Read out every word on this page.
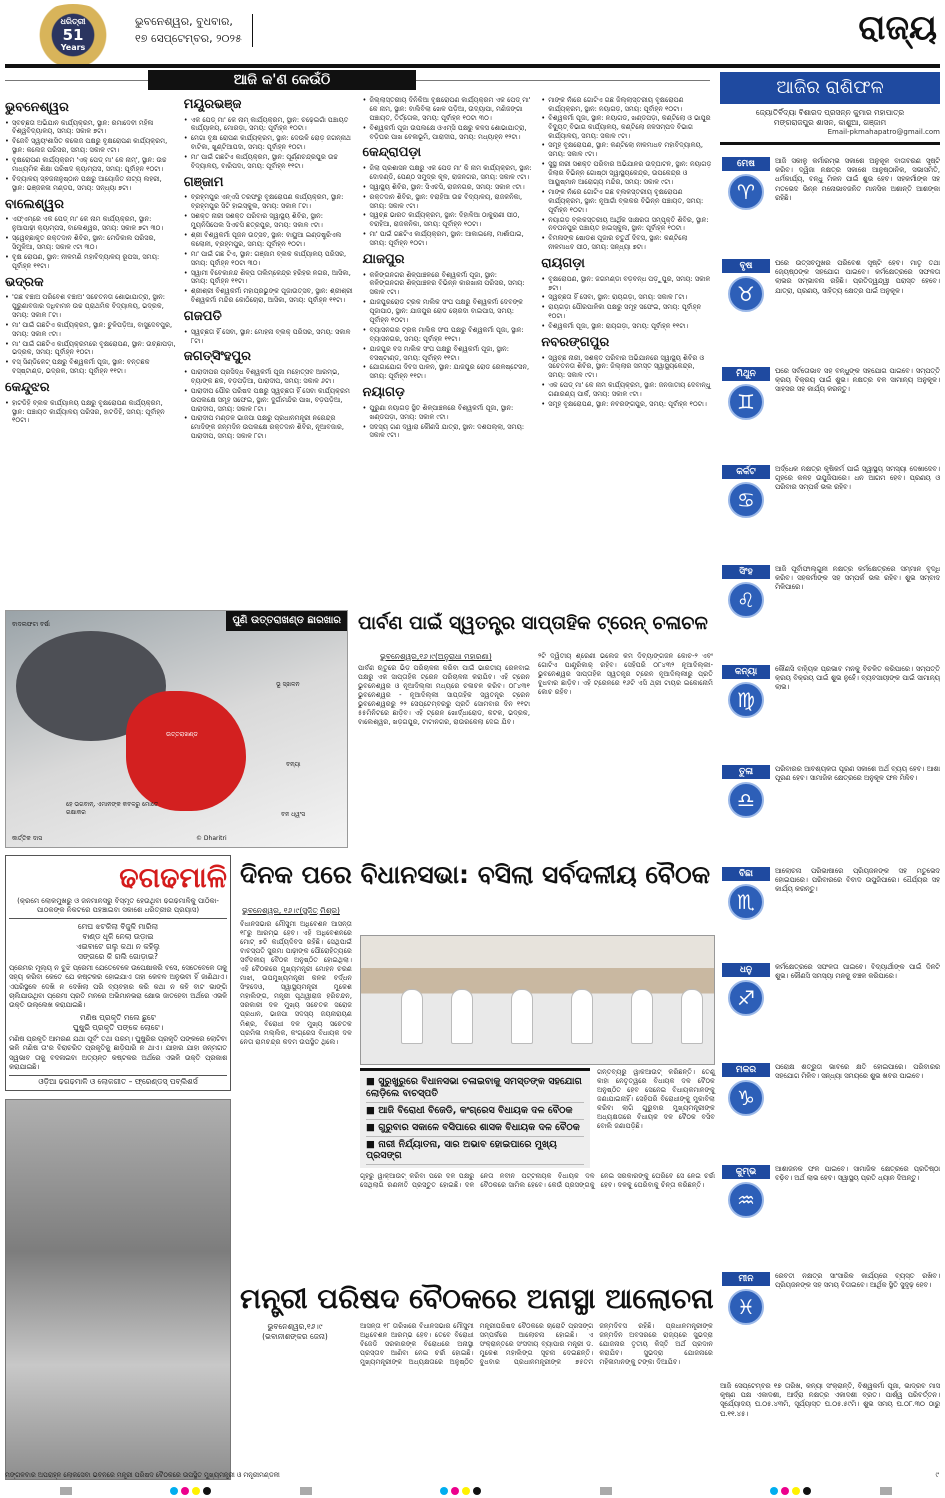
ଧରିତ୍ରୀ
51
Years
ଭୁବନେଶ୍ୱର, ବୁଧବାର,
୧୭ ସେପ୍ଟେମ୍ବର, ୨୦୨୫	ରାଜ୍ୟ
ଆଜି କ'ଣ କେଉଁଠି
ଭୁବନେଶ୍ୱର
• ସ୍ବଚ୍ଛତା ଅଭିଯାନ କାର୍ଯ୍ୟକ୍ରମ, ସ୍ଥାନ: ରମାଦେବୀ ମହିଳା ବିଶ୍ୱବିଦ୍ୟାଳୟ, ସମୟ: ସକାଳ ୭ଟା।
• ବିଜେବି ସ୍ୱୟଂଶାସିତ କଲେଜ ପକ୍ଷରୁ ବୃକ୍ଷରୋପଣ କାର୍ଯ୍ୟକ୍ରମ, ସ୍ଥାନ: କଲେଜ ପରିସର, ସମୟ: ସକାଳ ୯ଟା।
• ବୃକ୍ଷରୋପଣ କାର୍ଯ୍ୟକ୍ରମ 'ଏକ୍ ପେଡ୍ ମା' କେ ନାମ୍', ସ୍ଥାନ: ଉଚ୍ଚ ମାଧ୍ୟମିକ ଶିକ୍ଷା ପରିଷଦ କ୍ୟାମ୍ପସ, ସମୟ: ପୂର୍ବାହ୍ନ ୧୦ଟା।
• ବିଦ୍ୟାଳୟ ସ୍ଵଜନାନୁଷ୍ଠାନ ପକ୍ଷରୁ ଆୟୋଜିତ ନାଟ୍ୟ ଲହରୀ, ସ୍ଥାନ: ଭଞ୍ଜକଳା ମଣ୍ଡପ, ସମୟ: ସନ୍ଧ୍ୟା ୭ଟା।
ବାଲେଶ୍ୱର
• ଏଫ୍‌ଏମ୍‌ରେ ଏକ ପେଡ୍ ମା' କେ ନାମ କାର୍ଯ୍ୟକ୍ରମ, ସ୍ଥାନ: ନୁଆପାଢ଼ୀ କ୍ୟାମ୍ପସ, ବାଲେଶ୍ୱର, ସମୟ: ସକାଳ ୭ଟା ୩୦।
• ସ୍ୱେଚ୍ଛାକୃତ ରକ୍ତଦାନ ଶିବିର, ସ୍ଥାନ: ମେଡିକାଲ ପରିସର, ସିମୁଳିଆ, ସମୟ: ସକାଳ ୯ଟା ୩୦।
• ବୃକ୍ଷ ରୋପଣ, ସ୍ଥାନ: ନୀଳମଣି ମହାବିଦ୍ୟାଳୟ ରୂପସା, ସମୟ: ପୂର୍ବାହ୍ନ ୧୧ଟା।
ଭଦ୍ରକ
• 'ଗଛ ବଞ୍ଚାଅ ପରିବେଶ ବଞ୍ଚାଅ' ସଚେତନତା ଶୋଭାଯାତ୍ରା, ସ୍ଥାନ: ପୁରୁଣାବଜାର ଦଧିବାମନ ଉଚ୍ଚ ପ୍ରାଥମିକ ବିଦ୍ୟାଳୟ, ଭଦ୍ରକ, ସମୟ: ସକାଳ ୮ଟା।
• ମା' ପାଇଁ ଗଛଟିଏ କାର୍ଯ୍ୟକ୍ରମ, ସ୍ଥାନ: ଚୁଳିପଡ଼ିଆ, ବାସୁଦେବପୁର, ସମୟ: ସକାଳ ୯ଟା।
• ମା' ପାଇଁ ଗଛଟିଏ କାର୍ଯ୍ୟକ୍ରମରେ ବୃକ୍ଷରୋପଣ, ସ୍ଥାନ: ଉଚ୍ଛାପଡ଼ା, ଭଦ୍ରକ, ସମୟ: ପୂର୍ବାହ୍ନ ୧୦ଟା।
• ବସ୍ ସିଣ୍ଡିକେଟ୍ ପକ୍ଷରୁ ବିଶ୍ୱକର୍ମା ପୂଜା, ସ୍ଥାନ: ବନ୍ତଛକ ବସ୍‌ଷ୍ଟାଣ୍ଡ, ଭଦ୍ରକ, ସମୟ: ପୂର୍ବାହ୍ନ ୧୧ଟା।
କେନ୍ଦୁଝର
• ହାଟଡିହି ବ୍ଲକ କାର୍ଯ୍ୟାଳୟ ପକ୍ଷରୁ ବୃକ୍ଷରୋପଣ କାର୍ଯ୍ୟକ୍ରମ, ସ୍ଥାନ: ପଞ୍ଚାୟତ କାର୍ଯ୍ୟାଳୟ ପରିସର, ହାଟଡିହି, ସମୟ: ପୂର୍ବାହ୍ନ ୧୦ଟା।
ମୟୂରଭଞ୍ଜ
• ଏକ ପେଡ୍ ମା' କେ ନାମ୍ କାର୍ଯ୍ୟକ୍ରମ, ସ୍ଥାନ: ଚଢ଼େଇଗାଁ ପଞ୍ଚାୟତ କାର୍ଯ୍ୟାଳୟ, ମୋରଡ଼ା, ସମୟ: ପୂର୍ବାହ୍ନ ୧୦ଟା।
• ମେଗା ବୃକ୍ଷ ରୋପଣ କାର୍ଯ୍ୟକ୍ରମ, ସ୍ଥାନ: ଦେଉଳି ରୋଡ଼ ଜଗନ୍ନାଥ ବାଟିକା, ଖୁଣ୍ଟିଆପଦା, ସମୟ: ପୂର୍ବାହ୍ନ ୧୦ଟା।
• ମା' ପାଇଁ ଗଛଟିଏ କାର୍ଯ୍ୟକ୍ରମ, ସ୍ଥାନ: ପୂର୍ଣ୍ଣଚନ୍ଦ୍ରପୁର ଉଚ୍ଚ ବିଦ୍ୟାଳୟ, ବାରିପଦା, ସମୟ: ପୂର୍ବାହ୍ନ ୧୧ଟା।
ଗଞ୍ଜାମ
• ବ୍ରହ୍ମପୁର ଏନ୍‌ଏସି ତରଫରୁ ବୃକ୍ଷରୋପଣ କାର୍ଯ୍ୟକ୍ରମ, ସ୍ଥାନ: ବ୍ରହ୍ମପୁର ସିଟି ହାଇସ୍କୁଲ, ସମୟ: ସକାଳ ୮ଟା।
• ସଶକ୍ତ ନାରୀ ସଶକ୍ତ ପରିବାର ସ୍ୱାସ୍ଥ୍ୟ ଶିବିର, ସ୍ଥାନ: ମ୍ୟୁନିସିପେଲ ସିଏଚସି ଛତ୍ରପୁର, ସମୟ: ସକାଳ ୯ଟା।
• ଶ୍ରୀ ବିଶ୍ୱକର୍ମା ପୂଜନ ଉତ୍ସବ, ସ୍ଥାନ: ବାୟୁଆ ଇଣ୍ଡଷ୍ଟ୍ରିଏଲ କଲୋନୀ, ବ୍ରହ୍ମପୁର, ସମୟ: ପୂର୍ବାହ୍ନ ୧୦ଟା।
• ମା' ପାଇଁ ଗଛ ଟିଏ, ସ୍ଥାନ: ଗଞ୍ଜାମ ବ୍ଲକ କାର୍ଯ୍ୟାଳୟ ପରିସର, ସମୟ: ପୂର୍ବାହ୍ନ ୧୦ଟା ୩୦।
• ସ୍ୱାମୀ ବିବେକାନନ୍ଦ ଶିଳ୍ପ ତାଲିମ୍‌କେନ୍ଦ୍ର ହରିହର ନଗର, ଆସିକା, ସମୟ: ପୂର୍ବାହ୍ନ ୧୧ଟା।
• ଶ୍ରୀଶ୍ରୀ ବିଶ୍ୱକର୍ମା ମହାପ୍ରଭୁଙ୍କ ପୂଜାଉତ୍ସବ, ସ୍ଥାନ: ଶ୍ରୀଶ୍ରୀ ବିଶ୍ୱକର୍ମା ମନ୍ଦିର କୋଠିଚୋରା, ଆସିକା, ସମୟ: ପୂର୍ବାହ୍ନ ୧୧ଟା।
ଗଜପତି
• ସ୍ୱଚ୍ଛତା ହିଁ ସେବା, ସ୍ଥାନ: ମୋହନା ବ୍ଲକ୍ ପରିସର, ସମୟ: ସକାଳ ୮ଟା।
ଜଗତ୍‌ସିଂହପୁର
• ପାରାଦୀପର ପ୍ରସିଦ୍ଧ ବିଶ୍ୱକର୍ମା ପୂଜା ମହୋତ୍ସବ ଆରମ୍ଭ, ବ୍ୟାଙ୍କ ଛକ, ବଡ଼ପଡ଼ିଆ, ପାରାଦୀପ, ସମୟ: ସକାଳ ୬ଟା।
• ପାରାଦୀପ ପୌର ପରିଷଦ ପକ୍ଷରୁ ସ୍ୱଚ୍ଛତା ହିଁ ସେବା କାର୍ଯ୍ୟକ୍ରମ ଉପଲକ୍ଷେ ସମୂହ ସଫେଇ, ସ୍ଥାନ: ଦୁର୍ଗାମନ୍ଦିର ପାଖ, ବଡ଼ପଡ଼ିଆ, ପାରାଦୀପ, ସମୟ: ସକାଳ ୮ଟା।
• ପାରାଦୀପ ମଣ୍ଡଳ ଭାଜପା ପକ୍ଷରୁ ପ୍ରଧାନମନ୍ତ୍ରୀ ନରେନ୍ଦ୍ର ମୋଦିଙ୍କ ଜନ୍ମଦିନ ଉପଲକ୍ଷେ ରକ୍ତଦାନ ଶିବିର, ନୂଆବଜାର, ପାରାଦୀପ, ସମୟ: ସକାଳ ୮ଟା।
• ଜିଲ୍ଲାସ୍ତରୀୟ ଦିନିକିଆ ବୃକ୍ଷରୋପଣ କାର୍ଯ୍ୟକ୍ରମ ଏକ ପେଡ୍ ମା' କେ ନାମ, ସ୍ଥାନ: ବାଲିବିଲା ଖେଳ ପଡ଼ିଆ, ଉଦ୍ୟାପା, ମଣିଜଙ୍ଗା ପଞ୍ଚାୟତ, ତିର୍ତ୍ତୋଲ, ସମୟ: ପୂର୍ବାହ୍ନ ୧୦ଟା ୩୦।
• ବିଶ୍ୱକର୍ମା ପୂଜା ଉପଲକ୍ଷେ ଓଏମ୍ସି ପକ୍ଷରୁ କଳସ ଶୋଭାଯାତ୍ରା, ବଡ଼ିଘର ପାଖ ବେଳାଭୂମି, ପାରାଦୀପ, ସମୟ: ମଧ୍ୟାହ୍ନ ୧୨ଟା।
କେନ୍ଦ୍ରାପଡ଼ା
• ଜିଲା ପ୍ରଶାସନ ପକ୍ଷରୁ ଏକ ପେଡ ମା' କି ନାମ କାର୍ଯ୍ୟକ୍ରମ, ସ୍ଥାନ: ଦୋଦଣ୍ଡି, ପେଣ୍ଠ ସମୁଦ୍ର କୂଳ, ରାଜନଗର, ସମୟ: ସକାଳ ୯ଟା।
• ସ୍ୱାସ୍ଥ୍ୟ ଶିବିର, ସ୍ଥାନ: ସିଏଚସି, ରାଜନଗର, ସମୟ: ସକାଳ ୯ଟା।
• ରକ୍ତଦାନ ଶିବିର, ସ୍ଥାନ: ବରାହିଆ ଉଚ୍ଚ ବିଦ୍ୟାଳୟ, ରାଜକନିକା, ସମୟ: ସକାଳ ୯ଟା।
• ସ୍ୱଚ୍ଛ ଭାରତ କାର୍ଯ୍ୟକ୍ରମ, ସ୍ଥାନ: ଦିହାଳିଆ ଠାକୁରାଣୀ ପୀଠ, ବରାହିଆ, ରାଜକନିକା, ସମୟ: ପୂର୍ବାହ୍ନ ୧୦ଟା।
• ମା' ପାଇଁ ଗଛଟିଏ କାର୍ଯ୍ୟକ୍ରମ, ସ୍ଥାନ: ଆକାଇଲୋ, ମାର୍ଶାଘାଇ, ସମୟ: ପୂର୍ବାହ୍ନ ୧୦ଟା।
ଯାଜପୁର
• କଳିଙ୍ଗନଗର ଶିଳ୍ପାଞ୍ଚଳରେ ବିଶ୍ୱକର୍ମା ପୂଜା, ସ୍ଥାନ: କଳିଙ୍ଗନଗର ଶିଳ୍ପାଞ୍ଚଳର ବିଭିନ୍ନ କାରଖାନା ପରିସର, ସମୟ: ସକାଳ ୯ଟା।
• ଯାଜପୁରରୋଡ ଟ୍ରକ ମାଲିକ ସଂଘ ପକ୍ଷରୁ ବିଶ୍ୱକର୍ମା ଦେବଙ୍କ ପୂଜାପାଠ, ସ୍ଥାନ: ଯାଜପୁର ରୋଡ ଚୋରଦା ବାଇପାସ, ସମୟ: ପୂର୍ବାହ୍ନ ୧୦ଟା।
• ବ୍ୟାସନଗର ଟ୍ରକ ମାଲିକ ସଂଘ ପକ୍ଷରୁ ବିଶ୍ୱକର୍ମା ପୂଜା, ସ୍ଥାନ: ବ୍ୟାସନଗର, ସମୟ: ପୂର୍ବାହ୍ନ ୧୧ଟା।
• ଯାଜପୁର ବସ ମାଲିକ ସଂଘ ପକ୍ଷରୁ ବିଶ୍ୱକର୍ମା ପୂଜା, ସ୍ଥାନ: ବସଷ୍ଟାଣ୍ଡ, ସମୟ: ପୂର୍ବାହ୍ନ ୧୧ଟା।
• ଯୋଗାଯୋଗ ଦିବସ ପାଳନ, ସ୍ଥାନ: ଯାଜପୁର ରୋଡ ରେଳଷ୍ଟେସନ, ସମୟ: ପୂର୍ବାହ୍ନ ୧୧ଟା।
ନୟାଗଡ଼
• ପୁରୁଣା ନୟାଗଡ଼ ସ୍ଥିତ ଶିଳ୍ପାଞ୍ଚଳରେ ବିଶ୍ୱକର୍ମା ପୂଜା, ସ୍ଥାନ: ଖଣ୍ଡପଡ଼ା, ସମୟ: ସକାଳ ୯ଟା।
• ସଦସ୍ୟ ଗଣ ଦ୍ୱାରା କୌଣସି ଯାତ୍ରା, ସ୍ଥାନ: ଦଶପଲ୍ଲା, ସମୟ: ସକାଳ ୯ଟା।
• ମାଙ୍କ ନାଁରେ ଗୋଟିଏ ଗଛ ଜିଲ୍ଲାସ୍ତରୀୟ ବୃକ୍ଷରୋପଣ କାର୍ଯ୍ୟକ୍ରମ, ସ୍ଥାନ: ନୟାଗଡ଼, ସମୟ: ପୂର୍ବାହ୍ନ ୧୦ଟା।
• ବିଶ୍ୱକର୍ମା ପୂଜା, ସ୍ଥାନ: ନୟାଗଡ, ଖଣ୍ଡପଡ଼ା, କଣ୍ଟିଲୋ ଓ ଭାପୁର ବିଦ୍ୟୁତ୍ ବିଭାଗ କାର୍ଯ୍ୟାଳୟ, କଣ୍ଟିଲୋ ଜଳସମ୍ପଦ ବିଭାଗ କାର୍ଯ୍ୟାଳୟ, ସମୟ: ସକାଳ ୯ଟା।
• ସମୂହ ବୃକ୍ଷରୋପଣ, ସ୍ଥାନ: କଣ୍ଟିଲୋ ନୀଳମାଧବ ମହାବିଦ୍ୟାଳୟ, ସମୟ: ସକାଳ ୯ଟା।
• ସୁସ୍ଥ ନାରୀ ସଶକ୍ତ ପରିବାର ଅଭିଯାନର ଉଦ୍‌ଘାଟନ, ସ୍ଥାନ: ନୟାଗଡ଼ ଜିଲାର ବିଭିନ୍ନ ଗୋଷ୍ଠୀ ସ୍ୱାସ୍ଥ୍ୟକେନ୍ଦ୍ର, ଉପକେନ୍ଦ୍ର ଓ ଆୟୁଷ୍ମାନ ଆରୋଗ୍ୟ ମନ୍ଦିର, ସମୟ: ସକାଳ ୯ଟା।
• ମାଙ୍କ ନାଁରେ ଗୋଟିଏ ଗଛ ବ୍ଲକସ୍ତରୀୟ ବୃକ୍ଷରୋପଣ କାର୍ଯ୍ୟକ୍ରମ, ସ୍ଥାନ: ନୂଆଗାଁ ବ୍ଲକର ବିଭିନ୍ନ ପଞ୍ଚାୟତ, ସମୟ: ପୂର୍ବାହ୍ନ ୧୦ଟା।
• ନୟାଗଡ଼ ବ୍ଲକସ୍ତରୀୟ ଆର୍ଥିକ ସାକ୍ଷରତା ସମ୍ପୃକ୍ତି ଶିବିର, ସ୍ଥାନ: ନବଘନପୁର ପଞ୍ଚାୟତ ହାଇସ୍କୁଲ, ସ୍ଥାନ: ପୂର୍ବାହ୍ନ ୧୦ଟା।
• ବିମଳାଙ୍କ ଷୋଡଶ ପୂଜାର ଚତୁର୍ଥ ଦିବସ, ସ୍ଥାନ: କଣ୍ଟିଲୋ ନୀଳମାଧବ ପୀଠ, ସମୟ: ସନ୍ଧ୍ୟା ୭ଟା।
ରାୟଗଡ଼ା
• ବୃକ୍ଷରୋପଣ, ସ୍ଥାନ: ଜଗମଣ୍ଡା ବଡ଼ବନ୍ଧ ପଡ଼ୁପୁର, ସମୟ: ସକାଳ ୭ଟା।
• ସ୍ୱଚ୍ଛତା ହିଁ ସେବା, ସ୍ଥାନ: ରାୟଗଡ଼ା, ସମୟ: ସକାଳ ୮ଟା।
• ରାୟଗଡ଼ା ପୌରପାଳିକା ପକ୍ଷରୁ ସମୂହ ସଫେଇ, ସମୟ: ପୂର୍ବାହ୍ନ ୧୦ଟା।
• ବିଶ୍ୱକର୍ମା ପୂଜା, ସ୍ଥାନ: ରାୟଗଡ଼ା, ସମୟ: ପୂର୍ବାହ୍ନ ୧୧ଟା।
ନବରଙ୍ଗପୁର
• ସ୍ୱଚ୍ଛ ନାରୀ, ସଶକ୍ତ ପରିବାର ଅଭିଯାନରେ ସ୍ୱାସ୍ଥ୍ୟ ଶିବିର ଓ ସଚେତନତା ଶିବିର, ସ୍ଥାନ: ଜିଲ୍ଲାର ସମସ୍ତ ସ୍ୱାସ୍ଥ୍ୟକେନ୍ଦ୍ର, ସମୟ: ସକାଳ ୯ଟା।
• ଏକ ପେଡ୍ ମା' କେ ନାମ କାର୍ଯ୍ୟକ୍ରମ, ସ୍ଥାନ: ଜନଜାତୀୟ ଦେବାନ୍ଧୁ ଗଣାରଣ୍ୟ ପାର୍କ, ସମୟ: ସକାଳ ୯ଟା।
• ସମୂହ ବୃକ୍ଷରୋପଣ, ସ୍ଥାନ: ନବରଙ୍ଗପୁର, ସମୟ: ପୂର୍ବାହ୍ନ ୧୦ଟା।
ଆଜିର ରାଶିଫଳ
ଜ୍ୟୋତିର୍ବିଦ୍ୟା ବିଶାରଦ ପ୍ରସନ୍ନ କୁମାର ମହାପାତ୍ର
ମଙ୍ଗରାଜପୁର ଶାସନ, କାଶୁଆ, ଗଞ୍ଜାମ
Email-pkmahapatro@gmail.com
ମେଷ
♈

ଆଜି ସକାଳୁ କର୍ମାରମ୍ଭ ସକାଶେ ଅନୁକୂଳ ବାତାବରଣ ସୃଷ୍ଟି କରିବ। ଦ୍ୱିଜା ନକ୍ଷତ୍ର ସକାଶେ ଆନୁଷ୍ଠାନିକ, ସଭାସମିତି, ଧର୍ମକାର୍ଯ୍ୟ, ବନ୍ଧୁ ମିଳନ ପାଇଁ ଶୁଭ ହେବ। ସହକର୍ମୀଙ୍କ ସହ ମତଭେଦ ଭିନ୍ନ ମନୋଭାବଜନିତ ମାନସିକ ଅଶାନ୍ତି ଆଶଙ୍କା ରହିଛି।

ବୃଷ
♉

ଘରେ ଉତ୍ସବମୁଖର ପରିବେଶ ସୃଷ୍ଟି ହେବ। ମାତୃ ତଥା ଜ୍ୟେଷ୍ଠଙ୍କ ସହଯୋଗ ପାଇବେ। କର୍ମକ୍ଷେତ୍ରରେ ସଫଳତା ଲାଭର ସମ୍ଭାବନା ରହିଛି। ପ୍ରତିଦ୍ୱନ୍ଦ୍ୱୀ ପରାସ୍ତ ହେବେ। ଯାତ୍ରା, ପ୍ରଣୟ, ସାହିତ୍ୟ କ୍ଷେତ୍ର ପାଇଁ ଅନୁକୂଳ।

ମିଥୁନ
♊

ଘରେ ସର୍ବତୋଭାବ ସହ ବନ୍ଧୁଙ୍କ ସହଯୋଗ ପାଇବେ। ସମ୍ପତ୍ତି କ୍ରୟ ବିକ୍ରୟ ପାଇଁ ଶୁଭ। ନକ୍ଷତ୍ର ବଳ ସାମାନ୍ୟ ଅନୁକୂଳ। ସାହସର ସହ କାର୍ଯ୍ୟ କରନ୍ତୁ।

କର୍କଟ
♋

ଅର୍ଦ୍ଧେକ ନକ୍ଷତ୍ର କୃଷିକର୍ମ ପାଇଁ ସ୍ୱାସ୍ଥ୍ୟ ସମସ୍ୟା ଦେଖାଦେବ। ଗୃହରେ କଳହ ଉପୁଜିପାରେ। ଧନ ଆଗମ ହେବ। ପ୍ରଣୟ ଓ ପରିବାର ସମ୍ପର୍କ ଭଲ ରହିବ।

ସିଂହ
♌

ଆଜି ପୂର୍ବାଫାଲ୍‌ଗୁନୀ ନକ୍ଷତ୍ର କର୍ମକ୍ଷେତ୍ରରେ ସମ୍ମାନ ବୃଦ୍ଧି କରିବ। ସହକର୍ମୀଙ୍କ ସହ ସମ୍ପର୍କ ଭଲ ରହିବ। ଶୁଭ ସମ୍ବାଦ ମିଳିପାରେ।

କନ୍ୟା
♍

କୌଣସି ବାହ୍ୟିକ ପ୍ରଭାବ ମନକୁ ବିଚଳିତ କରିପାରେ। ସମ୍ପତ୍ତି କ୍ରୟ ବିକ୍ରୟ ପାଇଁ ଶୁଭ ନୁହେଁ। ବ୍ୟବସାୟୀଙ୍କ ପାଇଁ ସାମାନ୍ୟ ଲାଭ।

ତୁଳା
♎

ପରିବାରର ଆବଶ୍ୟକତା ପୂରଣ ସକାଶେ ଅର୍ଥ ବ୍ୟୟ ହେବ। ଆଶା ପୂରଣ ହେବ। ସାମାଜିକ କ୍ଷେତ୍ରରେ ଅନୁକୂଳ ଫଳ ମିଳିବ।

ବିଛା
♏

ଆଲୋଚନା ପରିଭାଷାରେ ପ୍ରିୟଜନଙ୍କ ସହ ମତୁଭେଦ ହୋଇପାରେ। ପରିବାରରେ ବିବାଦ ଉପୁଜିପାରେ। ଧୈର୍ଯ୍ୟର ସହ କାର୍ଯ୍ୟ କରନ୍ତୁ।

ଧନୁ
♐

କର୍ମକ୍ଷେତ୍ରରେ ସଫଳତା ପାଇବେ। ବିଦ୍ୟାର୍ଥୀଙ୍କ ପାଇଁ ଦିନଟି ଶୁଭ। କୌଣସି ସମସ୍ୟା ମନକୁ ଚଞ୍ଚଳ କରିପାରେ।

ମକର
♑

ପରୋକ୍ଷ ଶତ୍ରୁତା ଭାବରେ କ୍ଷତି ହୋଇପାରେ। ପରିବାରର ସହଯୋଗ ମିଳିବ। ସନ୍ଧ୍ୟା ସମୟରେ ଶୁଭ ଖବର ପାଇବେ।

କୁମ୍ଭ
♒

ଆଶାଜନକ ଫଳ ପାଇବେ। ସାମାଜିକ କ୍ଷେତ୍ରରେ ପ୍ରତିଷ୍ଠା ବଢ଼ିବ। ଅର୍ଥ ଲାଭ ହେବ। ସ୍ୱାସ୍ଥ୍ୟ ପ୍ରତି ଧ୍ୟାନ ଦିଅନ୍ତୁ।

ମୀନ
♓

ରେବତୀ ନକ୍ଷତ୍ର ସାଂସାରିକ କାର୍ଯ୍ୟରେ ବ୍ୟସ୍ତ ରଖିବ। ପ୍ରିୟଜନଙ୍କ ସହ ସମୟ ବିତାଇବେ। ଆର୍ଥିକ ସ୍ଥିତି ସୁଦୃଢ଼ ହେବ।

ଆଜି ସେପ୍ଟେମ୍ବର ୧୭ ତାରିଖ, କନ୍ୟା ସଂକ୍ରାନ୍ତି, ବିଶ୍ୱକର୍ମା ପୂଜା, ଭାଦ୍ରବ ମାସ କୃଷ୍ଣ ପକ୍ଷ ଏକାଦଶୀ, ଆର୍ଦ୍ରା ନକ୍ଷତ୍ର ଏକାଦଶୀ ବ୍ରତ। ପାର୍ଶ୍ୱ ପରିବର୍ତ୍ତନ। ସୂର୍ଯ୍ୟୋଦୟ ଘ.୦୫.୪୩ମି, ସୂର୍ଯ୍ୟାସ୍ତ ଘ.୦୫.୫୯ମି। ଶୁଭ ସମୟ ଘ.୦୮.୩୦ ଠାରୁ ଘ.୧୧.୪୫।
ପୁଣି ଉତ୍ତରାଖଣ୍ଡ ଛାରଖାର
ବାଦଲଫଟା ବର୍ଷା
ଭୂ ସ୍ଖଳନ
ବନ୍ୟା
ବନ ଧ୍ୱଂସ
ହେ ଭଗବାନ୍, ଏମାନଙ୍କ କବଳରୁ ମୋତେ ରକ୍ଷାକର
ଉତ୍ତରାଖଣ୍ଡ
© Dharitri
କାର୍ତ୍ତିକ ଦାସ
ପାର୍ବଣ ପାଇଁ ସ୍ୱତନ୍ତ୍ର ସାପ୍ତାହିକ ଟ୍ରେନ୍ ଚଳାଚଳ
ଭୁବନେଶ୍ୱର,୧୬।୯(ଅନୁରାଧା ମହାରଣା)
ପାର୍ବଣ ଋତୁରେ ଭିଡ଼ ପରିଚାଳନା କରିବା ପାଇଁ ଭାରତୀୟ ରେଳବାଇ ପକ୍ଷରୁ ଏକ ସାପ୍ତାହିକ ଟ୍ରେନ ପରିଚାଳନା କରାଯିବ। ଏହି ଟ୍ରେନ ଭୁବନେଶ୍ୱର ଓ ନୂଆଦିଲ୍ଲୀ ମଧ୍ୟରେ ଚଳାଚଳ କରିବ। ୦୮୪୩୧ ଭୁବନେଶ୍ୱର - ନୂଆଦିଲ୍ଲୀ ସାପ୍ତାହିକ ସ୍ୱତନ୍ତ୍ର ଟ୍ରେନ ଭୁବନେଶ୍ୱରରୁ ୨୨ ସେପ୍ଟେମ୍ବରରୁ ପ୍ରତି ସୋମବାର ଦିନ ୧୧ଟା ୫୫ମିନିଟରେ ଛାଡ଼ିବ। ଏହି ଟ୍ରେନ ଖୋର୍ଦ୍ଧାରୋଡ, କଟକ, ଭଦ୍ରକ, ବାଲେଶ୍ୱର, ଖଡ଼ଗପୁର, ଟାଟାନଗର, ରାଉରକେଲା ଦେଇ ଯିବ।
୨ଟି ଦ୍ୱିତୀୟ ଶ୍ରେଣୀ ଭଲେଜ କମ ଦିବ୍ୟାଙ୍ଗଜନ କୋଚ-୨ ଏବଂ ଗୋଟିଏ ପାଣ୍ଟ୍ରିକାର୍ ରହିବ। ସେହିପରି ୦୮୪୩୨ ନୂଆଦିଲ୍ଲୀ-ଭୁବନେଶ୍ୱର ସାପ୍ତାହିକ ସ୍ୱତନ୍ତ୍ର ଟ୍ରେନ ନୂଆଦିଲ୍ଲୀରୁ ପ୍ରତି ବୁଧବାର ଛାଡ଼ିବ। ଏହି ଟ୍ରେନରେ ୧୬ଟି ଏସି ଥ୍ରୀ ଟାୟର ଇକୋନୋମି କୋଚ ରହିବ।
ଢଗଢମାଳି
(କ୍ରମେ ଲୋକମୁଖରୁ ଓ ଜନମାନସରୁ ବିସ୍ମୃତ ହେଉଥିବା ଢଗଢମାଳିକୁ ପାଠିକା-ପାଠକଙ୍କ ନିକଟରେ ପହଞ୍ଚାଇବା ସକାଶେ ଧରିତ୍ରୀର ପ୍ରୟାସ)
ମେଘ ଝଟକିଲା ବିଜୁଳି ମାରିଲା
ବାଣ୍ଡ ଧୂଳି ନେଲା ଉଡ଼ାଇ
ଏଇବାଟେ ଗଲୁ କଥା ନ କହିଲୁ
ସଙ୍ଗରେ କି ଗଲି ଗୋଡ଼ାଇ?

ପ୍ରେମର ମୂଲ୍ୟ ନ ବୁଝି ପ୍ରେମୀ ଯେତେବେଳେ ଉପେକ୍ଷାକରି ବସେ, ସେତେବେଳେ ତାକୁ ସହ୍ୟ କରିବା କେତେ ଯେ କଷ୍ଟକର ହୋଇଯାଏ ତାହା କେବଳ ଅନୁଭବୀ ହିଁ ଜାଣିଥାଏ। ଏପରିସ୍ଥଳେ ଦେଖି ନ ଦେଖିଲା ପରି ବ୍ୟବହାର କରି କଥା ନ କହି ବାଟ ଭାଙ୍ଗି ଚାଲିଯାଉଥିବା ପ୍ରେମୀ ପ୍ରତି ମନରେ ଅଭିମାନଭରା କ୍ଷୋଭ ଜାତହେବା ଅର୍ଥରେ ଏଭଳି ଉକ୍ତି ଉଲ୍ଲେଖ କରାଯାଇଛି।

ମଣିଷ ପ୍ରକୃତି ମଲେ ଛୁଟେ
ଘୁଷୁରି ପ୍ରକୃତି ପଙ୍କେ ଲୋଟେ।

ମଣିଷ ପ୍ରକୃତି ଆମରଣ ଯଥା ପୂର୍ବଂ ତଥା ପରମ୍। ଘୁଷୁରିର ପ୍ରକୃତି ପଙ୍କରେ ଲୋଟିବା ଭଳି ମଣିଷ ତା'ର ବିରାଚରିତ ପ୍ରକୃତିକୁ ଛାଡ଼ିପାରି ନ ଥାଏ। ଯାହାର ଯାହା ଜନ୍ମଗତ ସ୍ୱଭାବ ତାକୁ ବଦଳାଇବା ଅତ୍ୟନ୍ତ କଷ୍ଟକର ଅର୍ଥରେ ଏଭଳି ଉକ୍ତି ପ୍ରକାଶ କରାଯାଇଛି।

ଓଡ଼ିଆ ଢଗଢମାଳି ଓ ଲୋକଗୀତ – ଫ୍ରେଣ୍ଡସ୍ ପବ୍ଲିଶର୍ସ
ଦିନକ ପରେ ବିଧାନସଭା: ବସିଲା ସର୍ବଦଳୀୟ ବୈଠକ
ଭୁବନେଶ୍ୱର, ୧୬।୯(ସୁଜିତ୍ ମିଶ୍ର)
ବିଧାନସଭାର ମୌସୁମୀ ଅଧିବେଶନ ଆସନ୍ତା ୧୮ରୁ ଆରମ୍ଭ ହେବ। ଏହି ଅଧିବେଶନରେ ମୋଟ୍ ୭ଟି କାର୍ଯ୍ୟଦିବସ ରହିଛି। ସେଥିପାଇଁ ବାଚସ୍ପତି ସୁରମା ପାଢ଼ୀଙ୍କ ପୌରୋହିତ୍ୟରେ ସର୍ବଦଳୀୟ ବୈଠକ ଅନୁଷ୍ଠିତ ହୋଇଥିଲା। ଏହି ବୈଠକରେ ମୁଖ୍ୟମନ୍ତ୍ରୀ ମୋହନ ଚରଣ ମାଝୀ, ଉପମୁଖ୍ୟମନ୍ତ୍ରୀ କନକ ବର୍ଦ୍ଧନ ସିଂହଦେଓ, ସ୍ୱାସ୍ଥ୍ୟମନ୍ତ୍ରୀ ମୁକେଶ ମହାଲିଙ୍ଗ, ମନ୍ତ୍ରୀ ପୃଥ୍ୱୀରାଜ ହରିଚନ୍ଦନ, ସରକାରୀ ଦଳ ମୁଖ୍ୟ ସଚେତକ ସରୋଜ ପ୍ରଧାନ, ଭାଜପା ସଦସ୍ୟ ଜୟନାରାୟଣ ମିଶ୍ର, ବିରୋଧୀ ଦଳ ମୁଖ୍ୟ ସଚେତକ ପ୍ରମିଳା ମଲ୍ଲିକ, କଂଗ୍ରେସ ବିଧାୟକ ଦଳ ନେତା ରାମଚନ୍ଦ୍ର କଦମ ଉପସ୍ଥିତ ଥିଲେ।
■ ସୁରୁଖୁରୁରେ ବିଧାନସଭା ଚଳାଇବାକୁ ସମସ୍ତଙ୍କ ସହଯୋଗ ଲୋଡ଼ିଲେ ବାଚସ୍ପତି
■ ଆଜି ବିରୋଧୀ ବିଜେଡି, କଂଗ୍ରେସ ବିଧାୟକ ଦଳ ବୈଠକ
■ ଗୁରୁବାର ସକାଳେ ବସିପାରେ ଶାସକ ବିଧାୟକ ଦଳ ବୈଠକ
■ ନାରୀ ନିର୍ଯ୍ୟାତନା, ସାର ଅଭାବ ହୋଇପାରେ ମୁଖ୍ୟ ପ୍ରସଙ୍ଗ
ଗନ୍ତବ୍ୟରୁ ୱାକଆଉଟ୍ କରିଛନ୍ତି। ତେଣୁ କାହା ନେତୃତ୍ୱରେ ବିଧାୟକ ଦଳ ବୈଠକ ଅନୁଷ୍ଠିତ ହେବ ସେନେଇ ବିଧାୟକମାନଙ୍କୁ ଜଣାଯାଇନାହିଁ। ସେହିପରି ବିରୋଧୀଙ୍କୁ ମୁକାବିଲା କରିବା ଲାଗି ଗୁରୁବାର ମୁଖ୍ୟମନ୍ତ୍ରୀଙ୍କ ଅଧ୍ୟକ୍ଷତାରେ ବିଧାୟକ ଦଳ ବୈଠକ ବସିବ ବୋଲି ଜଣାପଡ଼ିଛି।
ଗୃହରୁ ୱାକ୍ଆଉଟ୍ କରିବା ପରେ ଦଳ ପକ୍ଷରୁ ସେଥିଲାଗି ରଣନୀତି ପ୍ରସ୍ତୁତ ହୋଇଛି। ଦଳ ନେତା ନବୀନ ପଟ୍ଟନାୟକ ବିଧାୟକ ଦଳ ବୈଠକରେ ସାମିଲ ହେବେ। କେଉଁ ପ୍ରସଙ୍ଗକୁ ନେଇ ସରକାରଙ୍କୁ ଘେରିବେ ସେ ନେଇ ଚର୍ଚ୍ଚା ହେବ। ଦଳକୁ ଘେରିବାକୁ ଚିନ୍ତା କରିଛନ୍ତି।
ମନ୍ତ୍ରୀ ପରିଷଦ ବୈଠକରେ ଅନାସ୍ଥା ଆଲୋଚନା
ଭୁବନେଶ୍ୱର,୧୬।୯
(ଭବାନୀଶଙ୍କର ଜେନା)
ଆସନ୍ତା ୧୮ ତାରିଖରେ ବିଧାନସଭାର ମୌସୁମୀ ଅଧିବେଶନ ଆରମ୍ଭ ହେବ। ତେବେ ବିରୋଧୀ ବିଜେଡି ସରକାରଙ୍କ ବିରୋଧରେ ଅନାସ୍ଥା ପ୍ରସ୍ତାବ ଆଣିବା ନେଇ ଚର୍ଚ୍ଚା ହୋଇଛି। ମୁଖ୍ୟମନ୍ତ୍ରୀଙ୍କ ଅଧ୍ୟକ୍ଷତାରେ ଅନୁଷ୍ଠିତ ମନ୍ତ୍ରୀପରିଷଦ ବୈଠକରେ ଚାରୋଟି ପ୍ରସଙ୍ଗ ସମ୍ପର୍କରେ ଆଲୋଚନା ହୋଇଛି। ଏ ସଂକ୍ରାନ୍ତରେ ସଂସଦୀୟ ବ୍ୟାପାର ମନ୍ତ୍ରୀ ଡ. ମୁକେଶ ମହାଲିଙ୍ଗ ସୂଚନା ଦେଇଛନ୍ତି। ବୁଧବାର ପ୍ରଧାନମନ୍ତ୍ରୀଙ୍କ ୭୫ତମ ଜନ୍ମଦିବସ ରହିଛି। ପ୍ରଧାନମନ୍ତ୍ରୀଙ୍କ ଜନ୍ମଦିନ ଅବସରରେ ରାଜ୍ୟରେ ସୁଭଦ୍ରା ଯୋଜନାର ତୃତୀୟ କିସ୍ତି ଅର୍ଥ ପ୍ରଦାନ କରାଯିବ। ସୁଭଦ୍ରା ଯୋଜନାରେ ମହିଳାମାନଙ୍କୁ ଟଙ୍କା ଦିଆଯିବ।
ମଙ୍ଗଳବାର ଅପରାହ୍ନ ଲୋକସେବା ଭବନରେ ମନ୍ତ୍ରୀ ପରିଷଦ ବୈଠକରେ ଉପସ୍ଥିତ ମୁଖ୍ୟମନ୍ତ୍ରୀ ଓ ମନ୍ତ୍ରୀମଣ୍ଡଳୀ	୯
